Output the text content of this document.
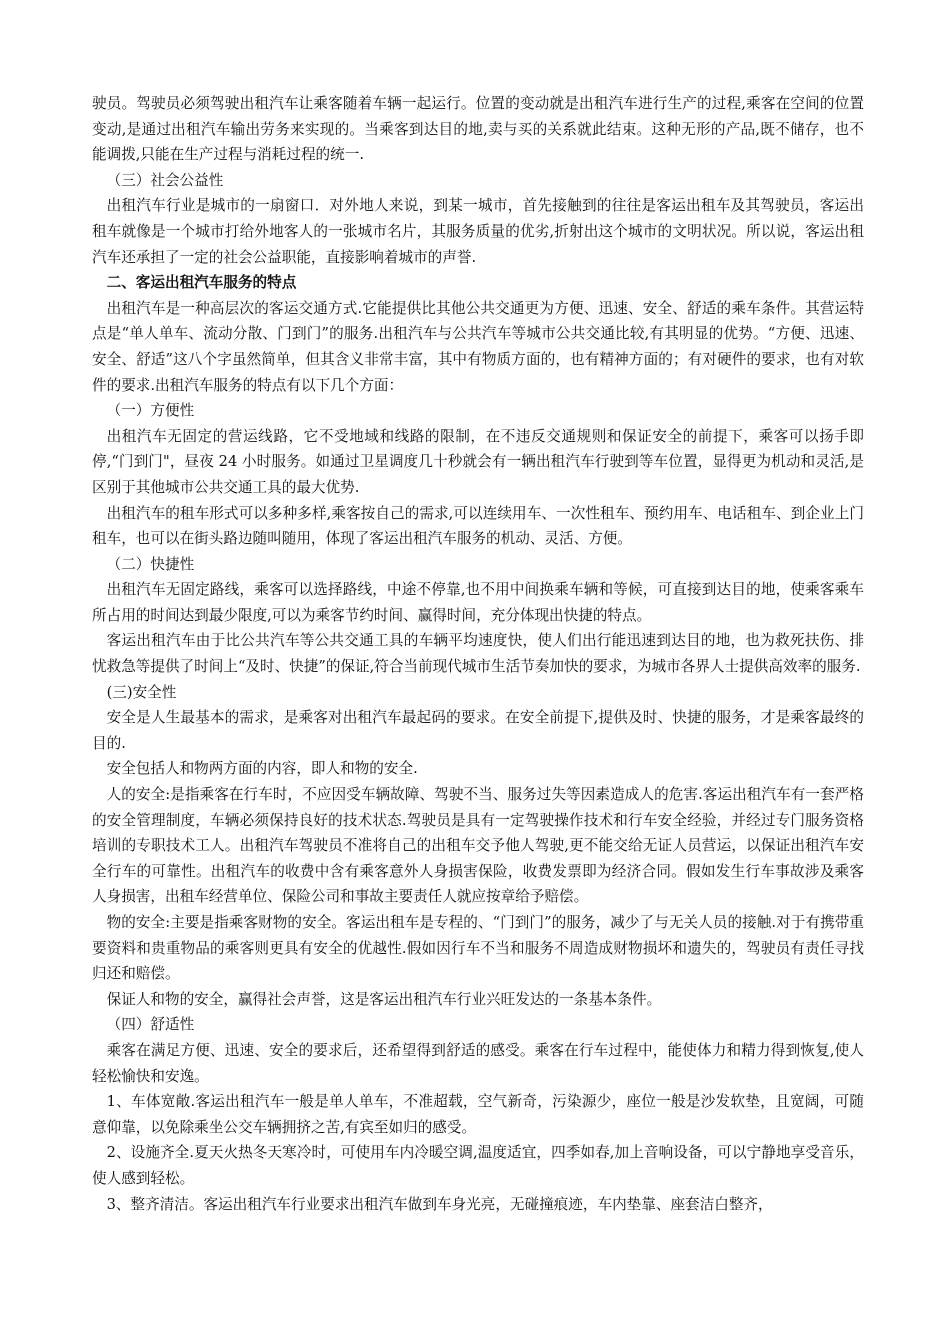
驶员。驾驶员必须驾驶出租汽车让乘客随着车辆一起运行。位置的变动就是出租汽车进行生产的过程,乘客在空间的位置变动,是通过出租汽车输出劳务来实现的。当乘客到达目的地,卖与买的关系就此结束。这种无形的产品,既不储存，也不能调拨,只能在生产过程与消耗过程的统一.

（三）社会公益性

出租汽车行业是城市的一扇窗口．对外地人来说，到某一城市，首先接触到的往往是客运出租车及其驾驶员，客运出租车就像是一个城市打给外地客人的一张城市名片，其服务质量的优劣,折射出这个城市的文明状况。所以说，客运出租汽车还承担了一定的社会公益职能，直接影响着城市的声誉.

二、客运出租汽车服务的特点

出租汽车是一种高层次的客运交通方式.它能提供比其他公共交通更为方便、迅速、安全、舒适的乘车条件。其营运特点是“单人单车、流动分散、门到门”的服务.出租汽车与公共汽车等城市公共交通比较,有其明显的优势。“方便、迅速、安全、舒适”这八个字虽然简单，但其含义非常丰富，其中有物质方面的，也有精神方面的；有对硬件的要求，也有对软件的要求.出租汽车服务的特点有以下几个方面：

（一）方便性

出租汽车无固定的营运线路，它不受地域和线路的限制，在不违反交通规则和保证安全的前提下，乘客可以扬手即停,“门到门"，昼夜 24 小时服务。如通过卫星调度几十秒就会有一辆出租汽车行驶到等车位置，显得更为机动和灵活,是区别于其他城市公共交通工具的最大优势.

出租汽车的租车形式可以多种多样,乘客按自己的需求,可以连续用车、一次性租车、预约用车、电话租车、到企业上门租车，也可以在街头路边随叫随用，体现了客运出租汽车服务的机动、灵活、方便。

（二）快捷性

出租汽车无固定路线，乘客可以选择路线，中途不停靠,也不用中间换乘车辆和等候，可直接到达目的地，使乘客乘车所占用的时间达到最少限度,可以为乘客节约时间、赢得时间，充分体现出快捷的特点。

客运出租汽车由于比公共汽车等公共交通工具的车辆平均速度快，使人们出行能迅速到达目的地，也为救死扶伤、排忧救急等提供了时间上“及时、快捷”的保证,符合当前现代城市生活节奏加快的要求，为城市各界人士提供高效率的服务.

(三)安全性

安全是人生最基本的需求，是乘客对出租汽车最起码的要求。在安全前提下,提供及时、快捷的服务，才是乘客最终的目的.

安全包括人和物两方面的内容，即人和物的安全.

人的安全:是指乘客在行车时，不应因受车辆故障、驾驶不当、服务过失等因素造成人的危害.客运出租汽车有一套严格的安全管理制度，车辆必须保持良好的技术状态.驾驶员是具有一定驾驶操作技术和行车安全经验，并经过专门服务资格培训的专职技术工人。出租汽车驾驶员不准将自己的出租车交予他人驾驶,更不能交给无证人员营运，以保证出租汽车安全行车的可靠性。出租汽车的收费中含有乘客意外人身损害保险，收费发票即为经济合同。假如发生行车事故涉及乘客人身损害，出租车经营单位、保险公司和事故主要责任人就应按章给予赔偿。

物的安全:主要是指乘客财物的安全。客运出租车是专程的、“门到门”的服务，减少了与无关人员的接触.对于有携带重要资料和贵重物品的乘客则更具有安全的优越性.假如因行车不当和服务不周造成财物损坏和遗失的，驾驶员有责任寻找归还和赔偿。

保证人和物的安全，赢得社会声誉，这是客运出租汽车行业兴旺发达的一条基本条件。

（四）舒适性

乘客在满足方便、迅速、安全的要求后，还希望得到舒适的感受。乘客在行车过程中，能使体力和精力得到恢复,使人轻松愉快和安逸。

1、车体宽敞.客运出租汽车一般是单人单车，不准超载，空气新奇，污染源少，座位一般是沙发软垫，且宽阔，可随意仰靠，以免除乘坐公交车辆拥挤之苦,有宾至如归的感受。

2、设施齐全.夏天火热冬天寒冷时，可使用车内冷暖空调,温度适宜，四季如春,加上音响设备，可以宁静地享受音乐，使人感到轻松。

3、整齐清洁。客运出租汽车行业要求出租汽车做到车身光亮，无碰撞痕迹，车内垫靠、座套洁白整齐，
